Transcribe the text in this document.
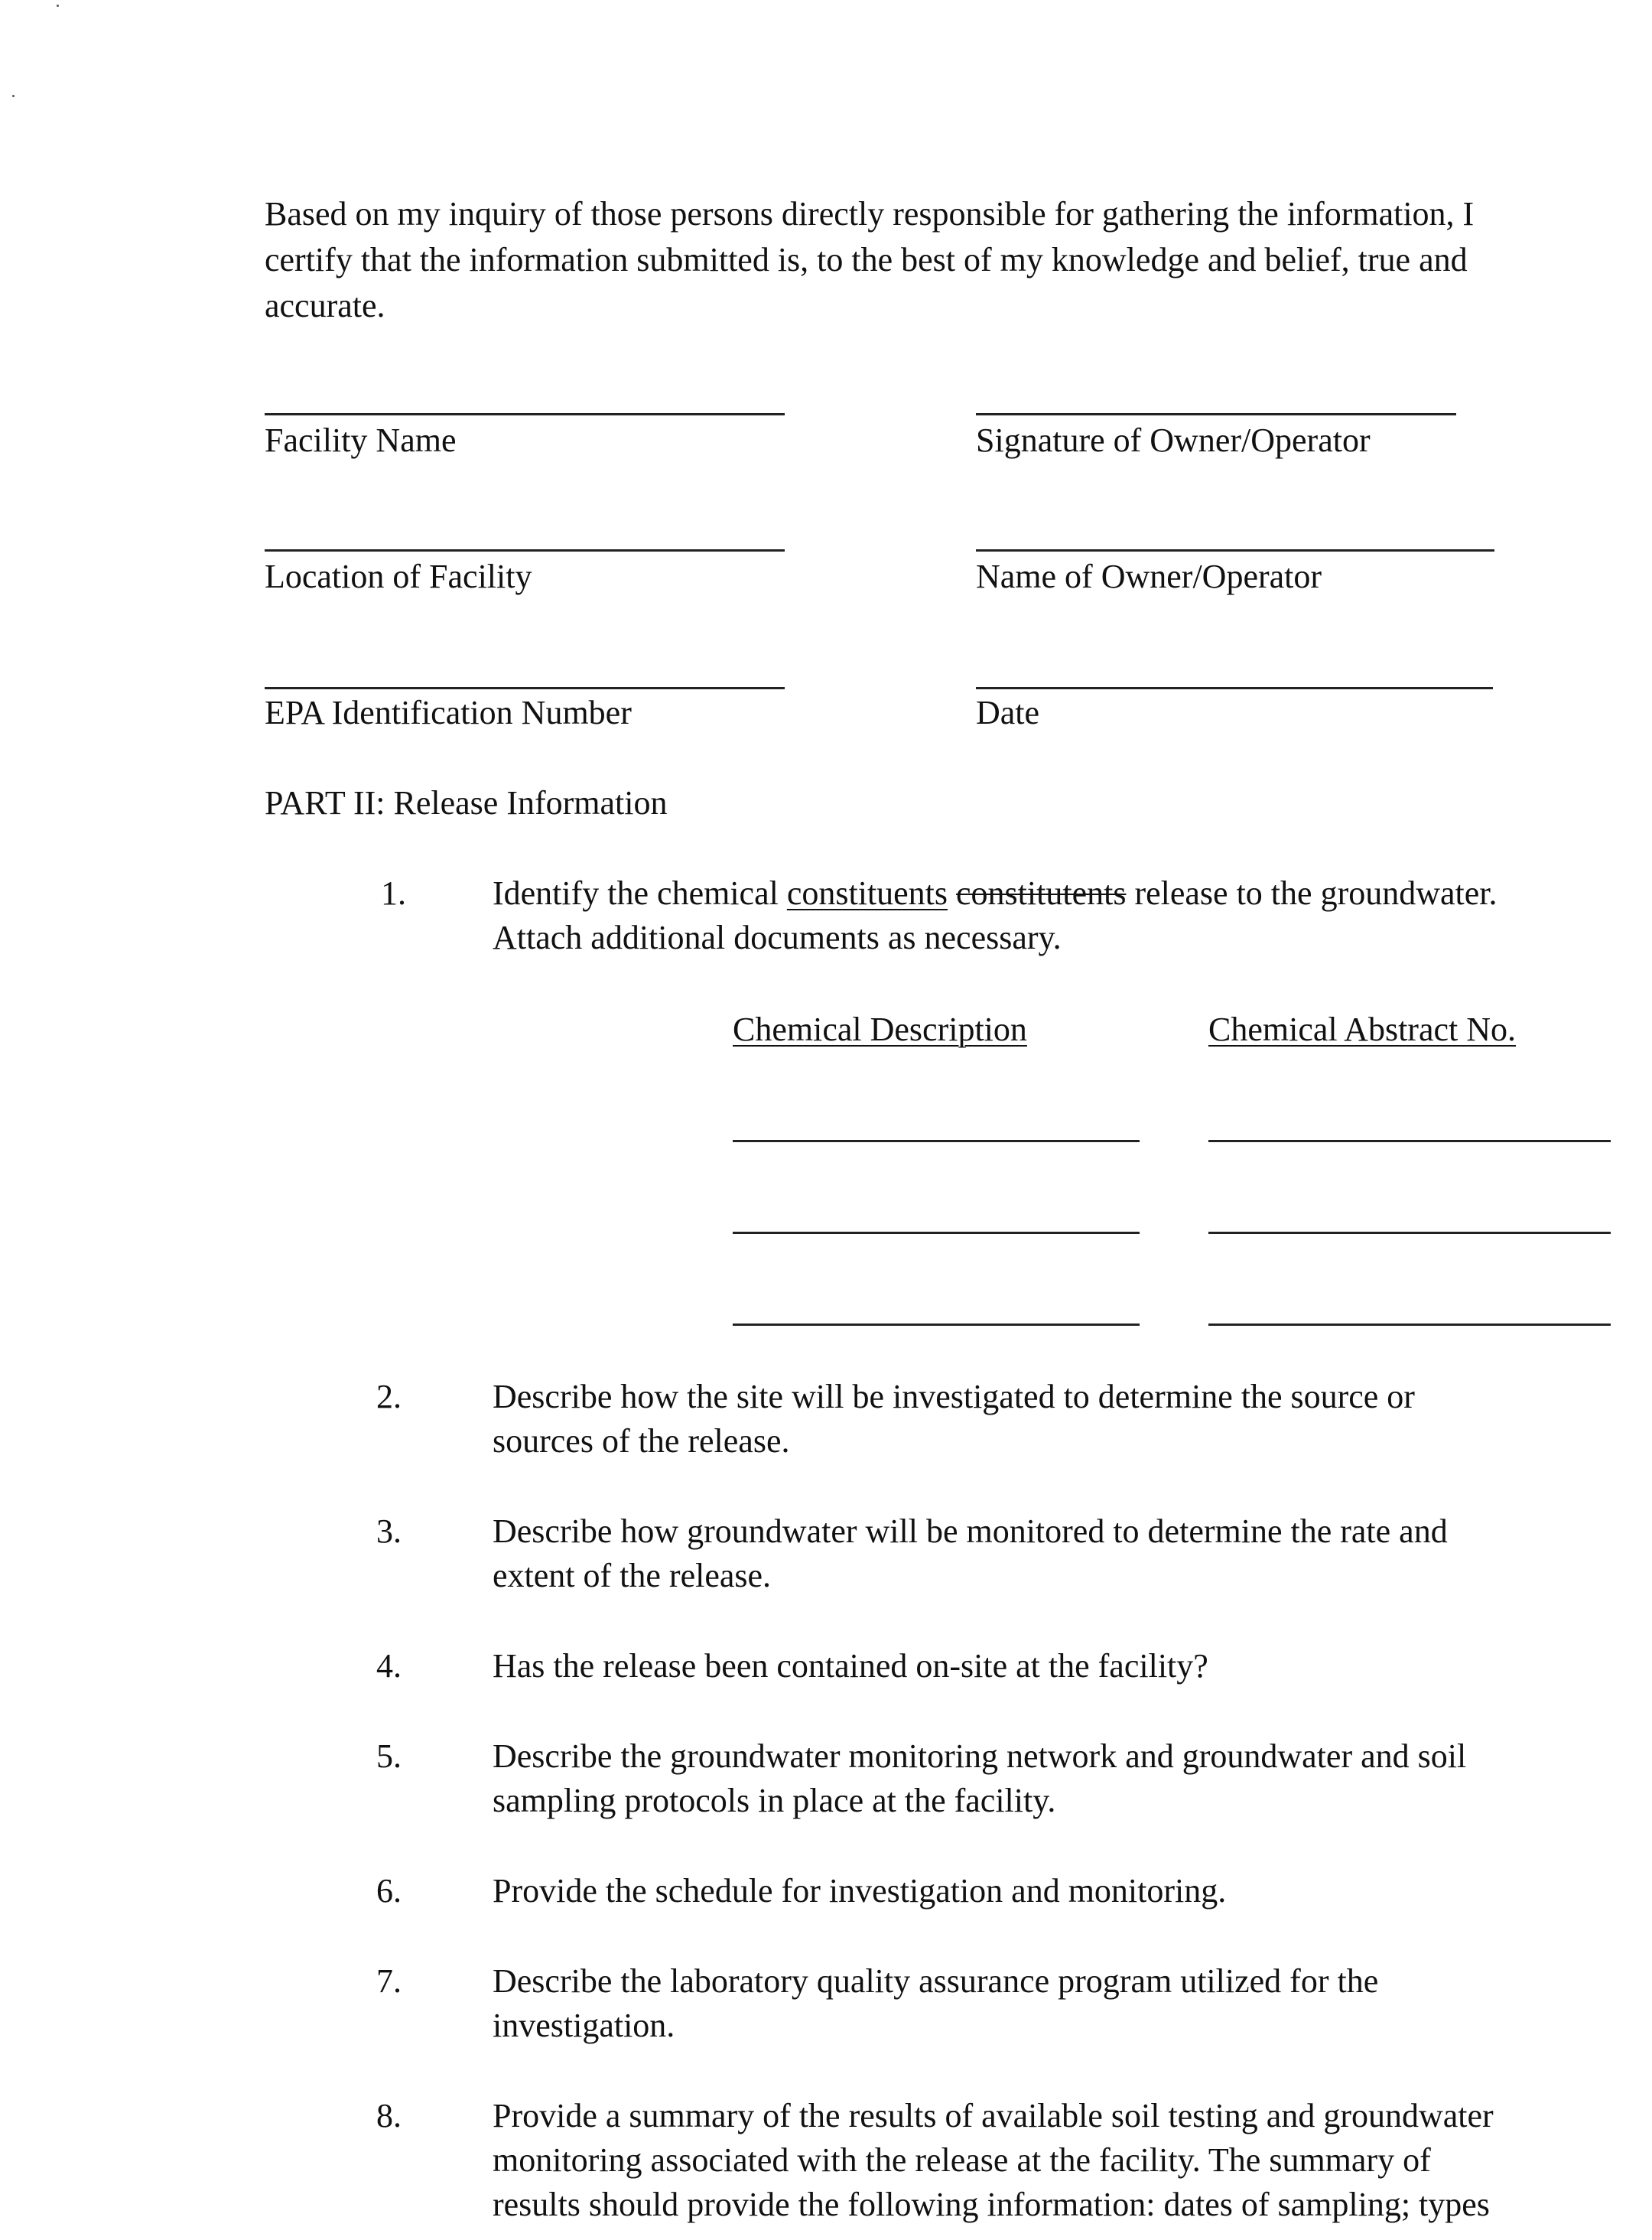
Based on my inquiry of those persons directly responsible for gathering the information, I
certify that the information submitted is, to the best of my knowledge and belief, true and
accurate.
Facility Name	Signature of Owner/Operator
Location of Facility	Name of Owner/Operator
EPA Identification Number	Date
PART II: Release Information
1.	Identify the chemical constituents constitutents release to the groundwater.
Attach additional documents as necessary.
Chemical Description	Chemical Abstract No.
2.	Describe how the site will be investigated to determine the source or
sources of the release.
3.	Describe how groundwater will be monitored to determine the rate and
extent of the release.
4.	Has the release been contained on-site at the facility?
5.	Describe the groundwater monitoring network and groundwater and soil
sampling protocols in place at the facility.
6.	Provide the schedule for investigation and monitoring.
7.	Describe the laboratory quality assurance program utilized for the
investigation.
8.	Provide a summary of the results of available soil testing and groundwater
monitoring associated with the release at the facility. The summary of
results should provide the following information: dates of sampling; types
